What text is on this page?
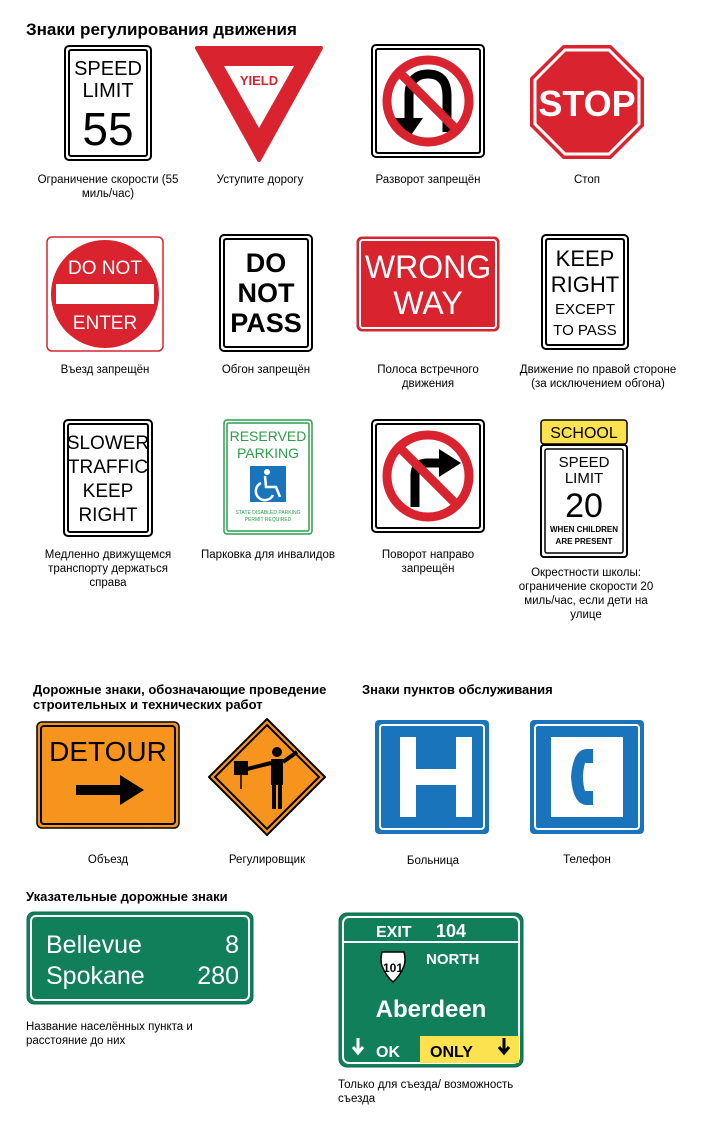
Знаки регулирования движения
Дорожные знаки, обозначающие проведение строительных и технических работ
Знаки пунктов обслуживания
Указательные дорожные знаки
SPEED
LIMIT
55
Ограничение скорости (55 миль/час)
YIELD
Уступите дорогу	Разворот запрещён
STOP
Стоп
DO NOT
ENTER
Въезд запрещён
DO
NOT
PASS
Обгон запрещён
WRONG
WAY
Полоса встречного движения
KEEP
RIGHT
EXCEPT
TO PASS
Движение по правой стороне (за исключением обгона)
SLOWER
TRAFFIC
KEEP
RIGHT
Медленно движущемся транспорту держаться справа
RESERVED
PARKING
STATE DISABLED PARKING
PERMIT REQUIRED
Парковка для инвалидов	Поворот направо запрещён
SCHOOL
SPEED
LIMIT
20
WHEN CHILDREN
ARE PRESENT
Окрестности школы: ограничение скорости 20 миль/час, если дети на улице
DETOUR
Объезд	Регулировщик	Больница	Телефон
Bellevue	8
Spokane 280
Название населённых пункта и расстояние до них
EXIT 104
101 NORTH
Aberdeen
OK ONLY
Только для съезда/ возможность съезда
